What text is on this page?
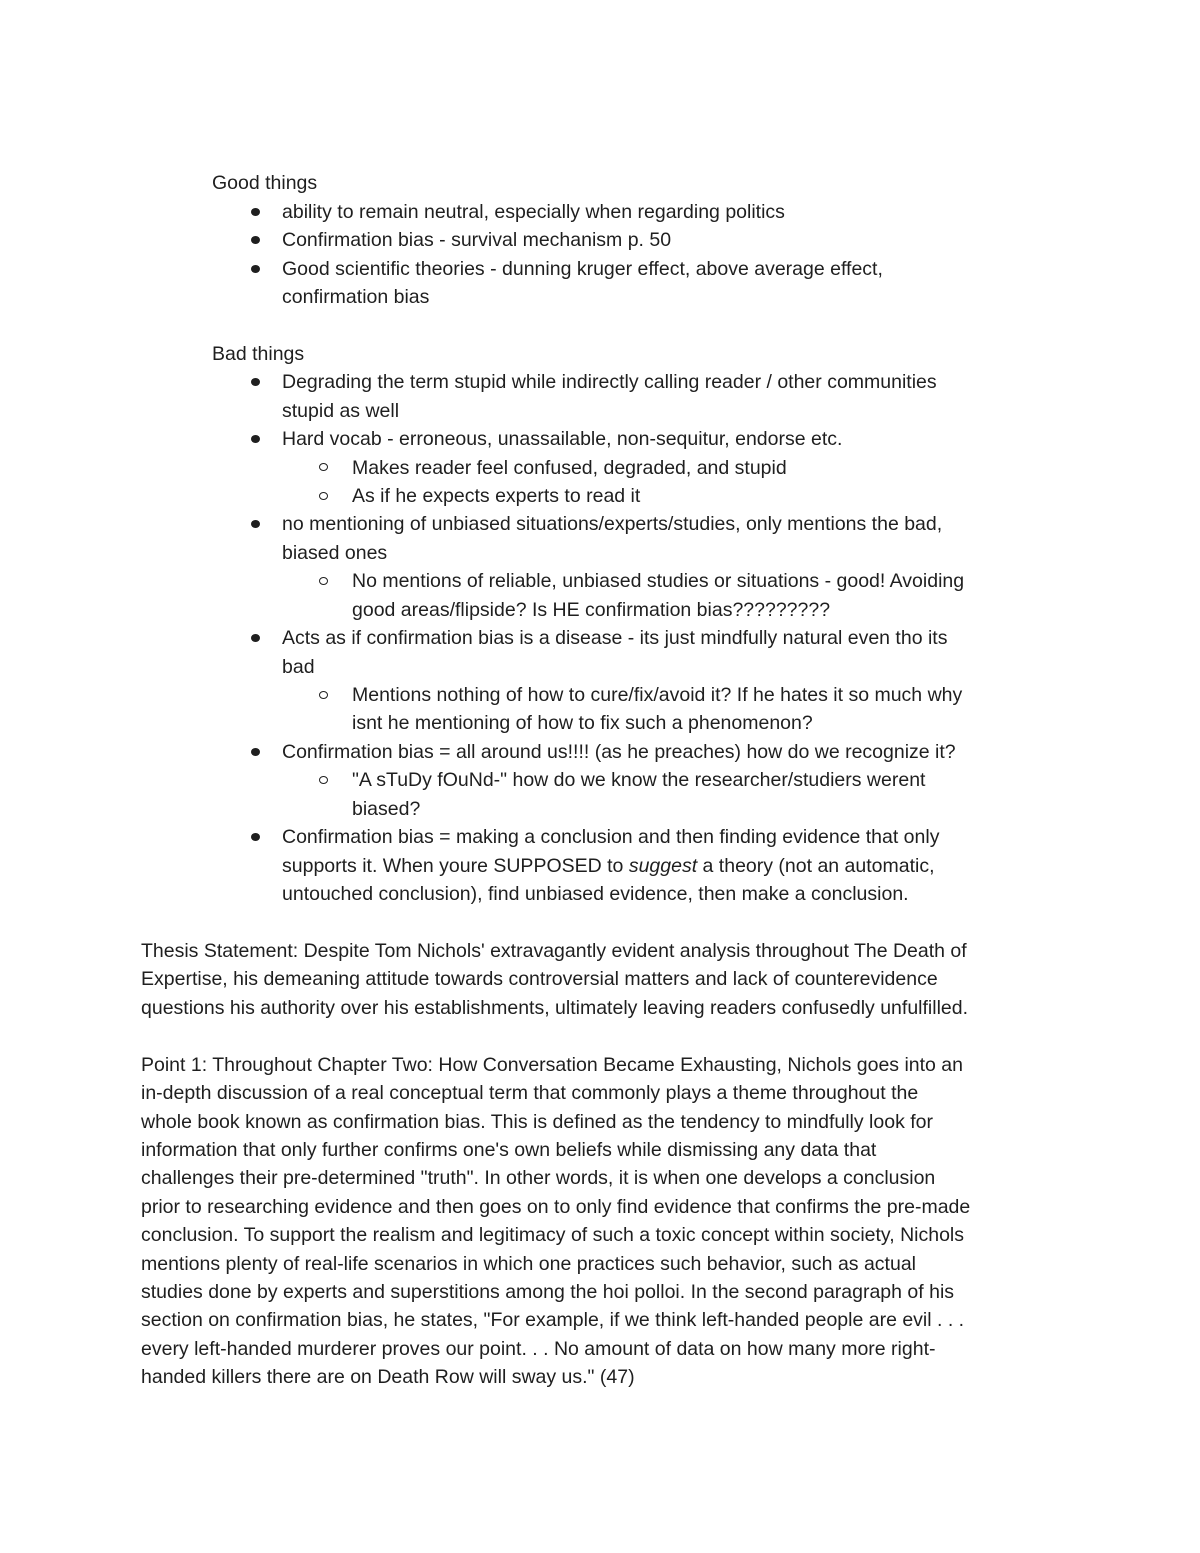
Good things
ability to remain neutral, especially when regarding politics
Confirmation bias - survival mechanism p. 50
Good scientific theories - dunning kruger effect, above average effect,
confirmation bias
Bad things
Degrading the term stupid while indirectly calling reader / other communities
stupid as well
Hard vocab - erroneous, unassailable, non-sequitur, endorse etc.
Makes reader feel confused, degraded, and stupid
As if he expects experts to read it
no mentioning of unbiased situations/experts/studies, only mentions the bad,
biased ones
No mentions of reliable, unbiased studies or situations - good! Avoiding
good areas/flipside? Is HE confirmation bias?????????
Acts as if confirmation bias is a disease - its just mindfully natural even tho its
bad
Mentions nothing of how to cure/fix/avoid it? If he hates it so much why
isnt he mentioning of how to fix such a phenomenon?
Confirmation bias = all around us!!!! (as he preaches) how do we recognize it?
"A sTuDy fOuNd-" how do we know the researcher/studiers werent
biased?
Confirmation bias = making a conclusion and then finding evidence that only
supports it. When youre SUPPOSED to suggest a theory (not an automatic,
untouched conclusion), find unbiased evidence, then make a conclusion.
Thesis Statement: Despite Tom Nichols' extravagantly evident analysis throughout The Death of
Expertise, his demeaning attitude towards controversial matters and lack of counterevidence
questions his authority over his establishments, ultimately leaving readers confusedly unfulfilled.
Point 1: Throughout Chapter Two: How Conversation Became Exhausting, Nichols goes into an
in-depth discussion of a real conceptual term that commonly plays a theme throughout the
whole book known as confirmation bias. This is defined as the tendency to mindfully look for
information that only further confirms one's own beliefs while dismissing any data that
challenges their pre-determined "truth". In other words, it is when one develops a conclusion
prior to researching evidence and then goes on to only find evidence that confirms the pre-made
conclusion. To support the realism and legitimacy of such a toxic concept within society, Nichols
mentions plenty of real-life scenarios in which one practices such behavior, such as actual
studies done by experts and superstitions among the hoi polloi. In the second paragraph of his
section on confirmation bias, he states, "For example, if we think left-handed people are evil . . .
every left-handed murderer proves our point. . . No amount of data on how many more right-
handed killers there are on Death Row will sway us." (47)
